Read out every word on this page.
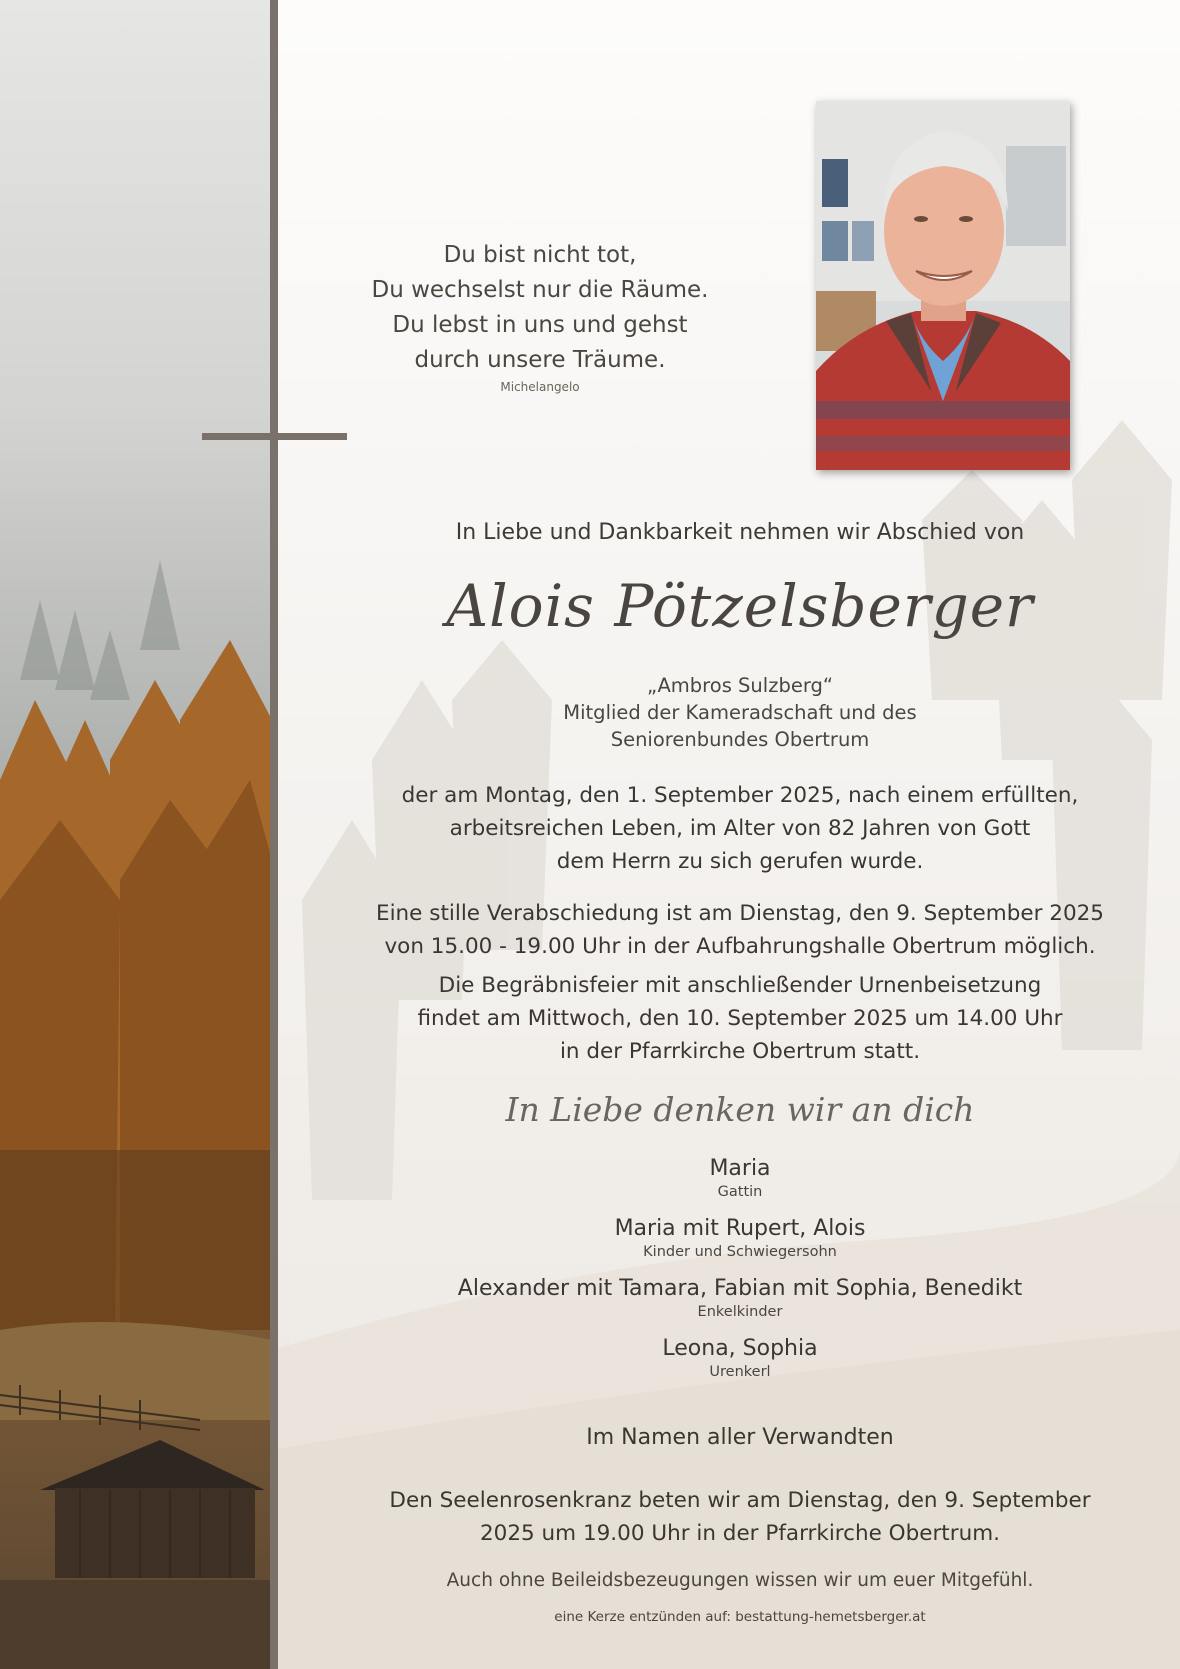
Du bist nicht tot,
Du wechselst nur die Räume.
Du lebst in uns und gehst
durch unsere Träume.
Michelangelo
In Liebe und Dankbarkeit nehmen wir Abschied von
Alois Pötzelsberger
„Ambros Sulzberg“
Mitglied der Kameradschaft und des
Seniorenbundes Obertrum
der am Montag, den 1. September 2025, nach einem erfüllten,
arbeitsreichen Leben, im Alter von 82 Jahren von Gott
dem Herrn zu sich gerufen wurde.
Eine stille Verabschiedung ist am Dienstag, den 9. September 2025
von 15.00 - 19.00 Uhr in der Aufbahrungshalle Obertrum möglich.
Die Begräbnisfeier mit anschließender Urnenbeisetzung
findet am Mittwoch, den 10. September 2025 um 14.00 Uhr
in der Pfarrkirche Obertrum statt.
In Liebe denken wir an dich
Maria
Gattin
Maria mit Rupert, Alois
Kinder und Schwiegersohn
Alexander mit Tamara, Fabian mit Sophia, Benedikt
Enkelkinder
Leona, Sophia
Urenkerl
Im Namen aller Verwandten
Den Seelenrosenkranz beten wir am Dienstag, den 9. September
2025 um 19.00 Uhr in der Pfarrkirche Obertrum.
Auch ohne Beileidsbezeugungen wissen wir um euer Mitgefühl.
eine Kerze entzünden auf: bestattung-hemetsberger.at
